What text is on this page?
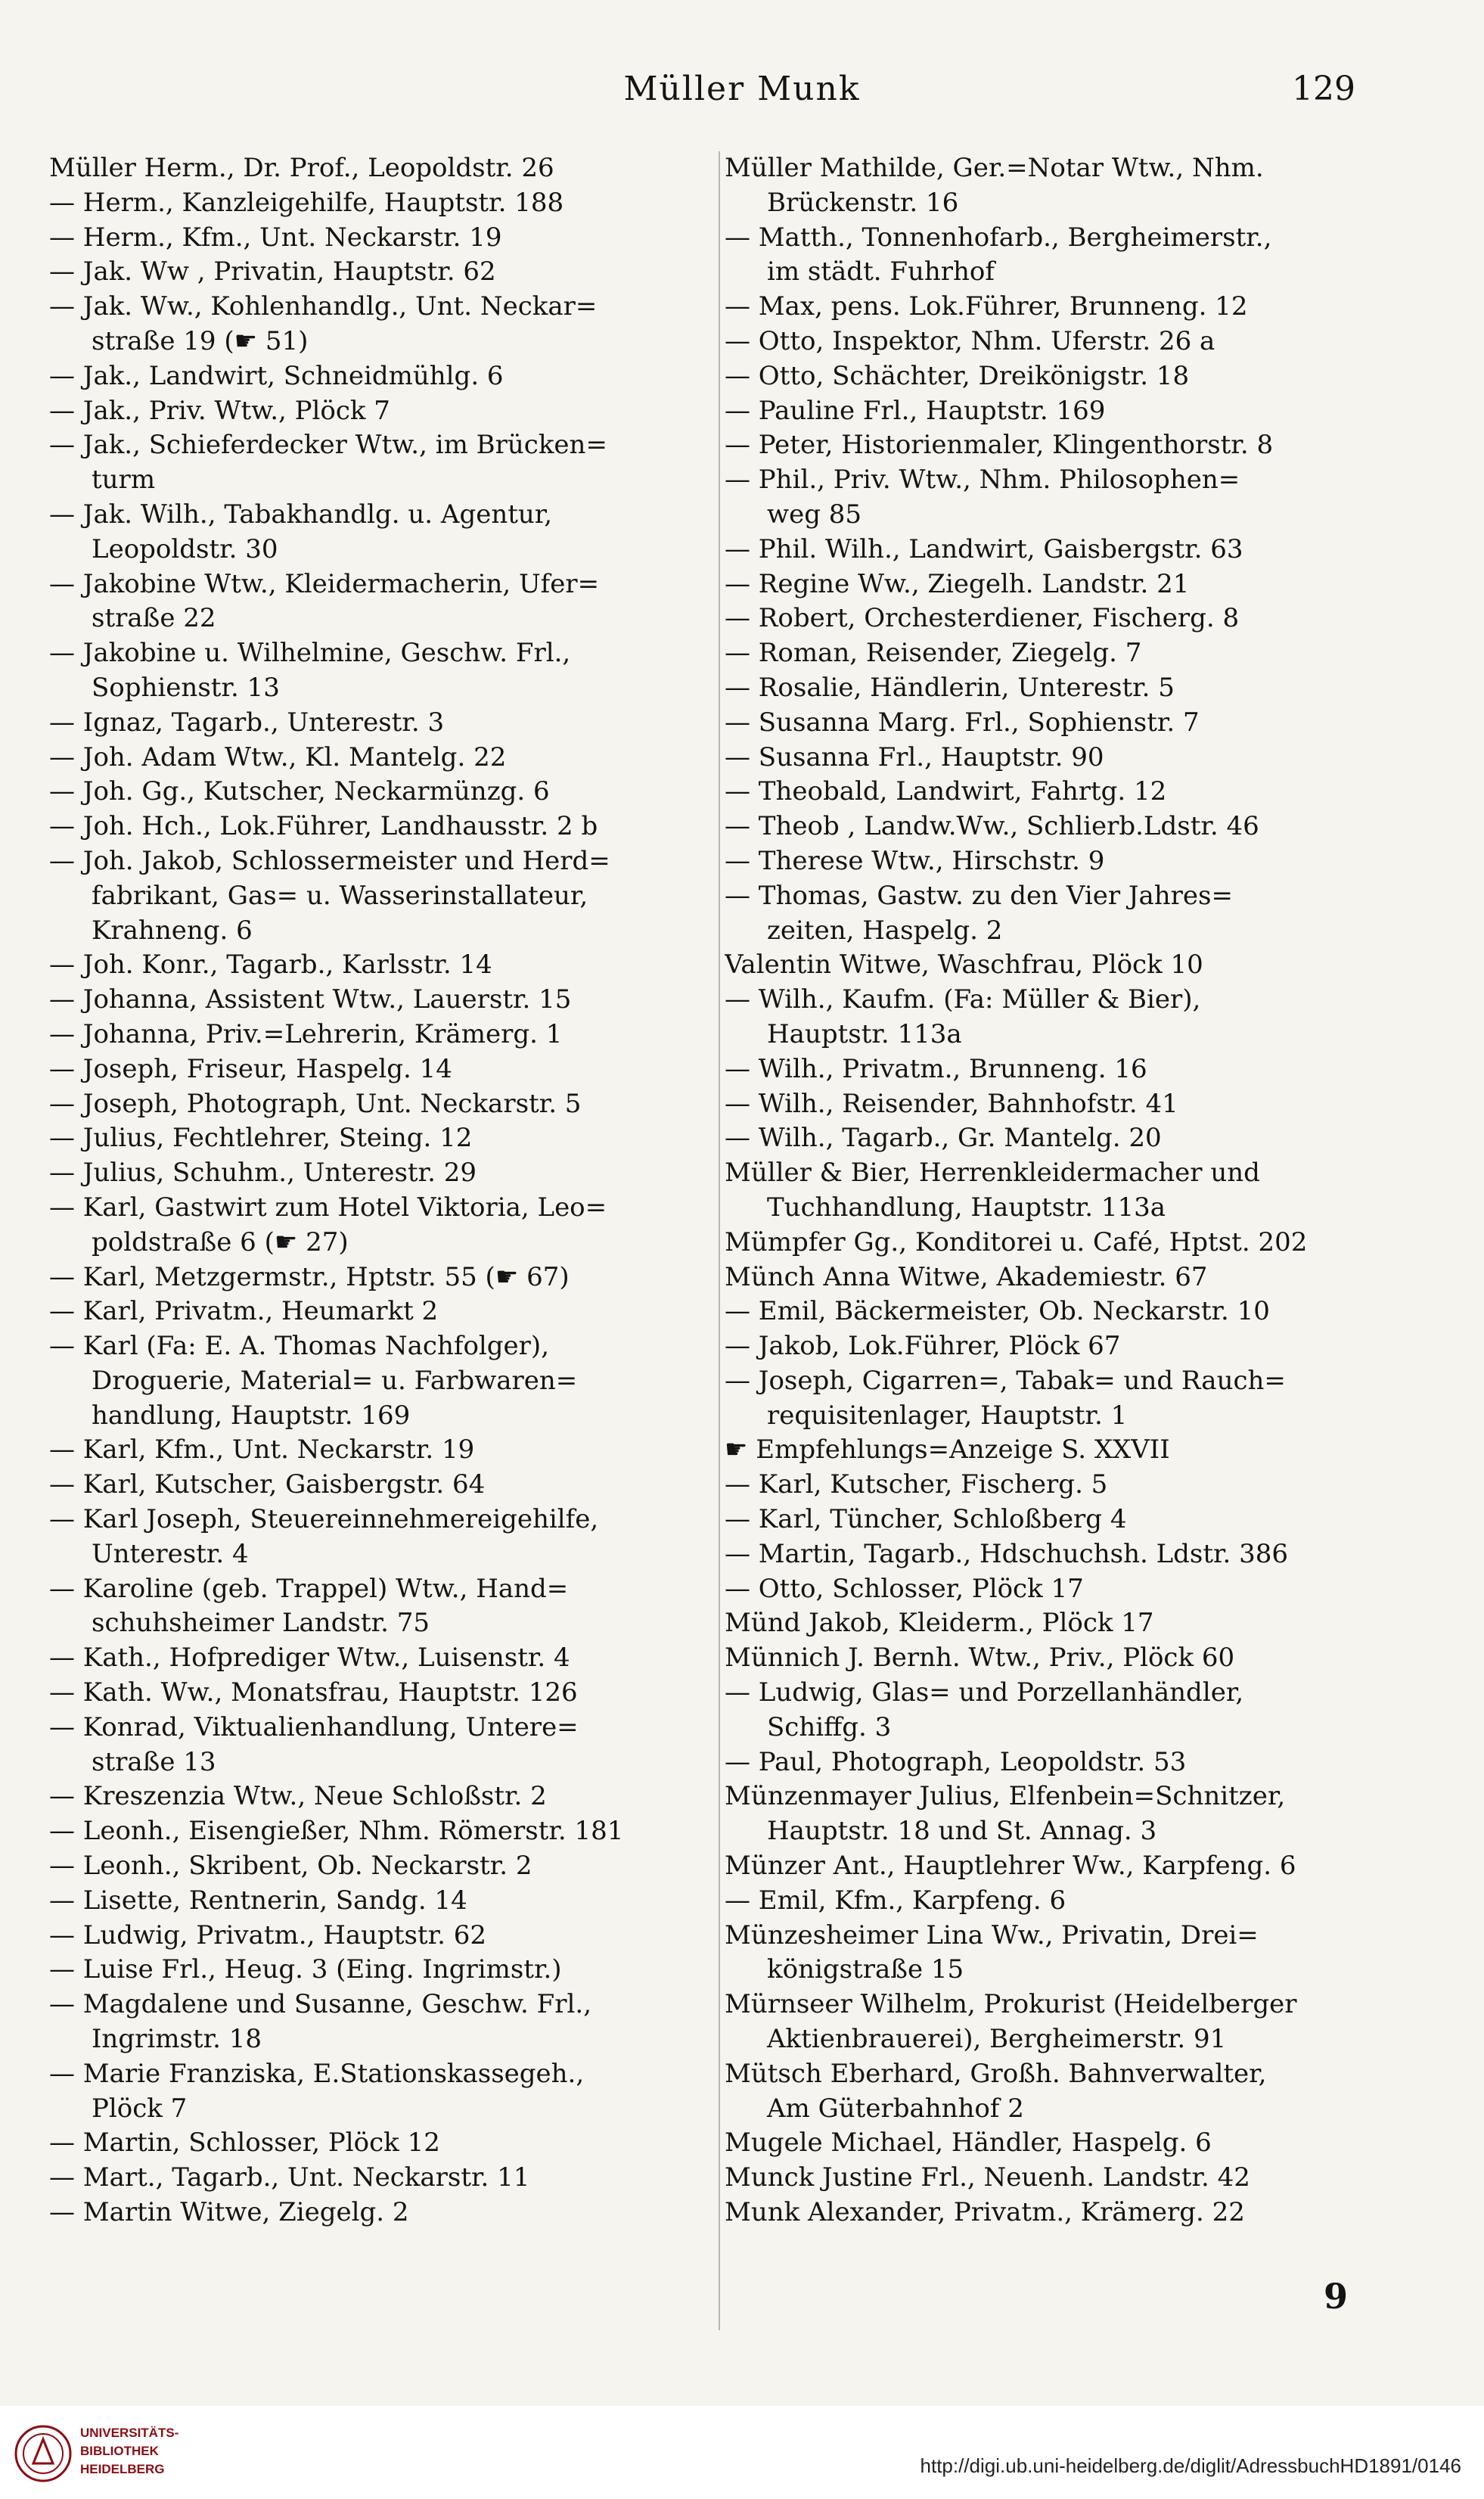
Müller Munk	129
Müller Herm., Dr. Prof., Leopoldstr. 26
— Herm., Kanzleigehilfe, Hauptstr. 188
— Herm., Kfm., Unt. Neckarstr. 19
— Jak. Ww , Privatin, Hauptstr. 62
— Jak. Ww., Kohlenhandlg., Unt. Neckar=
straße 19 (☛ 51)
— Jak., Landwirt, Schneidmühlg. 6
— Jak., Priv. Wtw., Plöck 7
— Jak., Schieferdecker Wtw., im Brücken=
turm
— Jak. Wilh., Tabakhandlg. u. Agentur,
Leopoldstr. 30
— Jakobine Wtw., Kleidermacherin, Ufer=
straße 22
— Jakobine u. Wilhelmine, Geschw. Frl.,
Sophienstr. 13
— Ignaz, Tagarb., Unterestr. 3
— Joh. Adam Wtw., Kl. Mantelg. 22
— Joh. Gg., Kutscher, Neckarmünzg. 6
— Joh. Hch., Lok.Führer, Landhausstr. 2 b
— Joh. Jakob, Schlossermeister und Herd=
fabrikant, Gas= u. Wasserinstallateur,
Krahneng. 6
— Joh. Konr., Tagarb., Karlsstr. 14
— Johanna, Assistent Wtw., Lauerstr. 15
— Johanna, Priv.=Lehrerin, Krämerg. 1
— Joseph, Friseur, Haspelg. 14
— Joseph, Photograph, Unt. Neckarstr. 5
— Julius, Fechtlehrer, Steing. 12
— Julius, Schuhm., Unterestr. 29
— Karl, Gastwirt zum Hotel Viktoria, Leo=
poldstraße 6 (☛ 27)
— Karl, Metzgermstr., Hptstr. 55 (☛ 67)
— Karl, Privatm., Heumarkt 2
— Karl (Fa: E. A. Thomas Nachfolger),
Droguerie, Material= u. Farbwaren=
handlung, Hauptstr. 169
— Karl, Kfm., Unt. Neckarstr. 19
— Karl, Kutscher, Gaisbergstr. 64
— Karl Joseph, Steuereinnehmereigehilfe,
Unterestr. 4
— Karoline (geb. Trappel) Wtw., Hand=
schuhsheimer Landstr. 75
— Kath., Hofprediger Wtw., Luisenstr. 4
— Kath. Ww., Monatsfrau, Hauptstr. 126
— Konrad, Viktualienhandlung, Untere=
straße 13
— Kreszenzia Wtw., Neue Schloßstr. 2
— Leonh., Eisengießer, Nhm. Römerstr. 181
— Leonh., Skribent, Ob. Neckarstr. 2
— Lisette, Rentnerin, Sandg. 14
— Ludwig, Privatm., Hauptstr. 62
— Luise Frl., Heug. 3 (Eing. Ingrimstr.)
— Magdalene und Susanne, Geschw. Frl.,
Ingrimstr. 18
— Marie Franziska, E.Stationskassegeh.,
Plöck 7
— Martin, Schlosser, Plöck 12
— Mart., Tagarb., Unt. Neckarstr. 11
— Martin Witwe, Ziegelg. 2
Müller Mathilde, Ger.=Notar Wtw., Nhm.
Brückenstr. 16
— Matth., Tonnenhofarb., Bergheimerstr.,
im städt. Fuhrhof
— Max, pens. Lok.Führer, Brunneng. 12
— Otto, Inspektor, Nhm. Uferstr. 26 a
— Otto, Schächter, Dreikönigstr. 18
— Pauline Frl., Hauptstr. 169
— Peter, Historienmaler, Klingenthorstr. 8
— Phil., Priv. Wtw., Nhm. Philosophen=
weg 85
— Phil. Wilh., Landwirt, Gaisbergstr. 63
— Regine Ww., Ziegelh. Landstr. 21
— Robert, Orchesterdiener, Fischerg. 8
— Roman, Reisender, Ziegelg. 7
— Rosalie, Händlerin, Unterestr. 5
— Susanna Marg. Frl., Sophienstr. 7
— Susanna Frl., Hauptstr. 90
— Theobald, Landwirt, Fahrtg. 12
— Theob , Landw.Ww., Schlierb.Ldstr. 46
— Therese Wtw., Hirschstr. 9
— Thomas, Gastw. zu den Vier Jahres=
zeiten, Haspelg. 2
Valentin Witwe, Waschfrau, Plöck 10
— Wilh., Kaufm. (Fa: Müller & Bier),
Hauptstr. 113a
— Wilh., Privatm., Brunneng. 16
— Wilh., Reisender, Bahnhofstr. 41
— Wilh., Tagarb., Gr. Mantelg. 20
Müller & Bier, Herrenkleidermacher und
Tuchhandlung, Hauptstr. 113a
Mümpfer Gg., Konditorei u. Café, Hptst. 202
Münch Anna Witwe, Akademiestr. 67
— Emil, Bäckermeister, Ob. Neckarstr. 10
— Jakob, Lok.Führer, Plöck 67
— Joseph, Cigarren=, Tabak= und Rauch=
requisitenlager, Hauptstr. 1
☛ Empfehlungs=Anzeige S. XXVII
— Karl, Kutscher, Fischerg. 5
— Karl, Tüncher, Schloßberg 4
— Martin, Tagarb., Hdschuchsh. Ldstr. 386
— Otto, Schlosser, Plöck 17
Münd Jakob, Kleiderm., Plöck 17
Münnich J. Bernh. Wtw., Priv., Plöck 60
— Ludwig, Glas= und Porzellanhändler,
Schiffg. 3
— Paul, Photograph, Leopoldstr. 53
Münzenmayer Julius, Elfenbein=Schnitzer,
Hauptstr. 18 und St. Annag. 3
Münzer Ant., Hauptlehrer Ww., Karpfeng. 6
— Emil, Kfm., Karpfeng. 6
Münzesheimer Lina Ww., Privatin, Drei=
königstraße 15
Mürnseer Wilhelm, Prokurist (Heidelberger
Aktienbrauerei), Bergheimerstr. 91
Mütsch Eberhard, Großh. Bahnverwalter,
Am Güterbahnhof 2
Mugele Michael, Händler, Haspelg. 6
Munck Justine Frl., Neuenh. Landstr. 42
Munk Alexander, Privatm., Krämerg. 22
9
UNIVERSITÄTS-
BIBLIOTHEK
HEIDELBERG	http://digi.ub.uni-heidelberg.de/diglit/AdressbuchHD1891/0146
